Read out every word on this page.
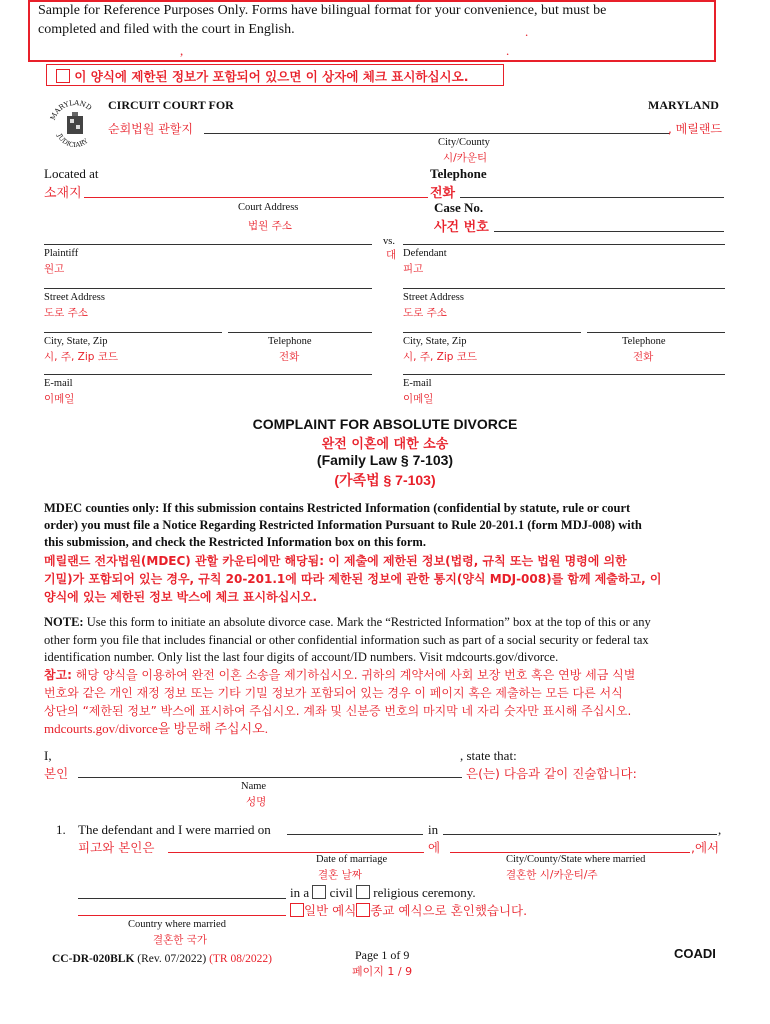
Sample for Reference Purposes Only. Forms have bilingual format for your convenience, but must be
completed and filed with the court in English.	.
,	.
이 양식에 제한된 정보가 포함되어 있으면 이 상자에 체크 표시하십시오.
MARYLAND
JUDICIARY
CIRCUIT COURT FOR	MARYLAND
순회법원 관할지	, 메릴랜드
City/County
시/카운티
Located at
소재지
Telephone
전화
Court Address
법원 주소
Case No.
사건 번호
vs.
대
Plaintiff
원고
Defendant
피고
Street Address
도로 주소
Street Address
도로 주소
City, State, Zip
시, 주, Zip 코드
Telephone
전화
City, State, Zip
시, 주, Zip 코드
Telephone
전화
E-mail
이메일
E-mail
이메일
COMPLAINT FOR ABSOLUTE DIVORCE
완전 이혼에 대한 소송
(Family Law § 7-103)
(가족법 § 7-103)
MDEC counties only: If this submission contains Restricted Information (confidential by statute, rule or court
order) you must file a Notice Regarding Restricted Information Pursuant to Rule 20-201.1 (form MDJ-008) with
this submission, and check the Restricted Information box on this form.
메릴랜드 전자법원(MDEC) 관할 카운티에만 해당됨: 이 제출에 제한된 정보(법령, 규칙 또는 법원 명령에 의한
기밀)가 포함되어 있는 경우, 규칙 20-201.1에 따라 제한된 정보에 관한 통지(양식 MDJ-008)를 함께 제출하고, 이
양식에 있는 제한된 정보 박스에 체크 표시하십시오.
NOTE: Use this form to initiate an absolute divorce case. Mark the “Restricted Information” box at the top of this or any
other form you file that includes financial or other confidential information such as part of a social security or federal tax
identification number. Only list the last four digits of account/ID numbers. Visit mdcourts.gov/divorce.
참고: 해당 양식을 이용하여 완전 이혼 소송을 제기하십시오. 귀하의 계약서에 사회 보장 번호 혹은 연방 세금 식별
번호와 같은 개인 재정 정보 또는 기타 기밀 정보가 포함되어 있는 경우 이 페이지 혹은 제출하는 모든 다른 서식
상단의 “제한된 정보” 박스에 표시하여 주십시오. 계좌 및 신분증 번호의 마지막 네 자리 숫자만 표시해 주십시오.
mdcourts.gov/divorce을 방문해 주십시오.
I,
본인
, state that:
은(는) 다음과 같이 진술합니다:
Name
성명
1. The defendant and I were married on	in	,
피고와 본인은	에	,에서
Date of marriage
결혼 날짜
City/County/State where married
결혼한 시/카운티/주
in a civil religious ceremony.
일반 예식 종교 예식으로 혼인했습니다.
Country where married
결혼한 국가
CC-DR-020BLK (Rev. 07/2022) (TR 08/2022)	Page 1 of 9
페이지 1 / 9
COADI
